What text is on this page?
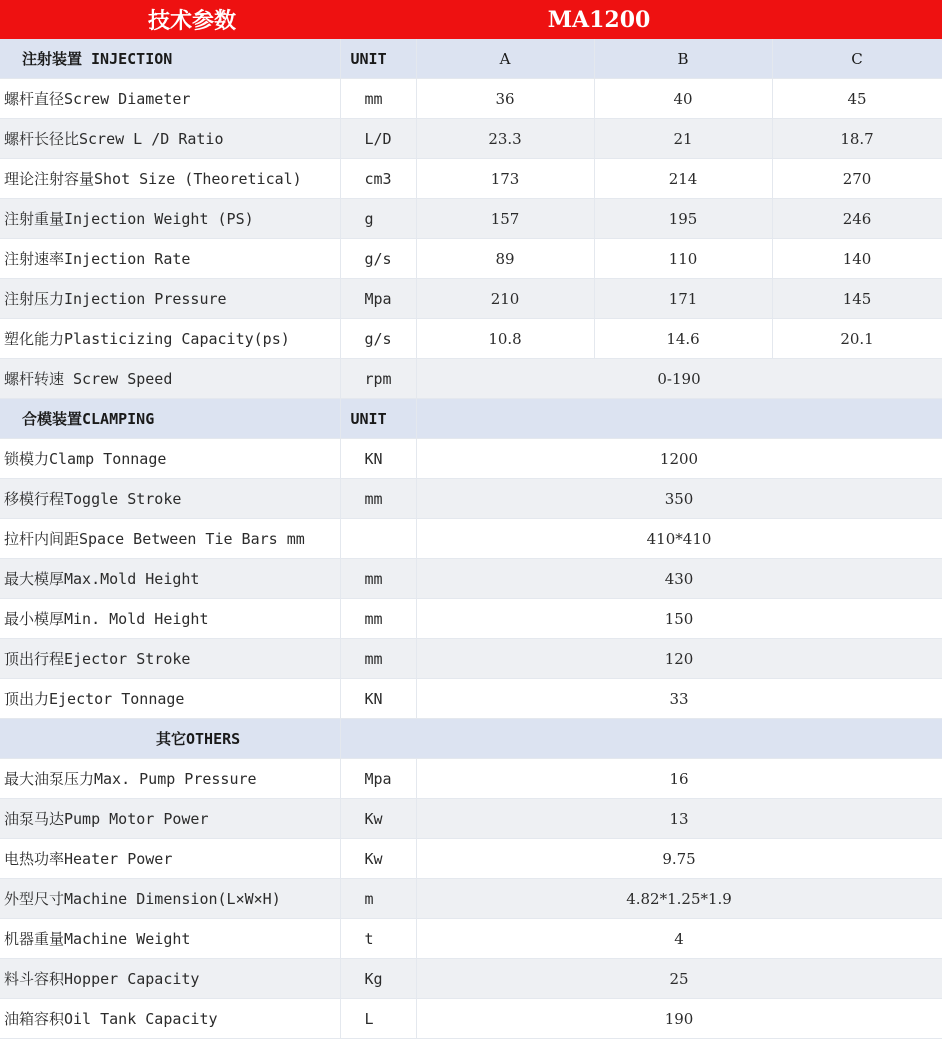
技术参数		MA1200		
注射装置 INJECTION	UNIT	A	B	C
螺杆直径Screw Diameter	mm	36	40	45
螺杆长径比Screw L /D Ratio	L/D	23.3	21	18.7
理论注射容量Shot Size (Theoretical)	cm3	173	214	270
注射重量Injection Weight (PS)	g	157	195	246
注射速率Injection Rate	g/s	89	110	140
注射压力Injection Pressure	Mpa	210	171	145
塑化能力Plasticizing Capacity(ps)	g/s	10.8	14.6	20.1
螺杆转速 Screw Speed	rpm	0-190		
合模装置CLAMPING	UNIT			
锁模力Clamp Tonnage	KN	1200		
移模行程Toggle Stroke	mm	350		
拉杆内间距Space Between Tie Bars mm		410*410		
最大模厚Max.Mold Height	mm	430		
最小模厚Min. Mold Height	mm	150		
顶出行程Ejector Stroke	mm	120		
顶出力Ejector Tonnage	KN	33		
其它OTHERS				
最大油泵压力Max. Pump Pressure	Mpa	16		
油泵马达Pump Motor Power	Kw	13		
电热功率Heater Power	Kw	9.75		
外型尺寸Machine Dimension(L×W×H)	m	4.82*1.25*1.9		
机器重量Machine Weight	t	4		
料斗容积Hopper Capacity	Kg	25		
油箱容积Oil Tank Capacity	L	190		
